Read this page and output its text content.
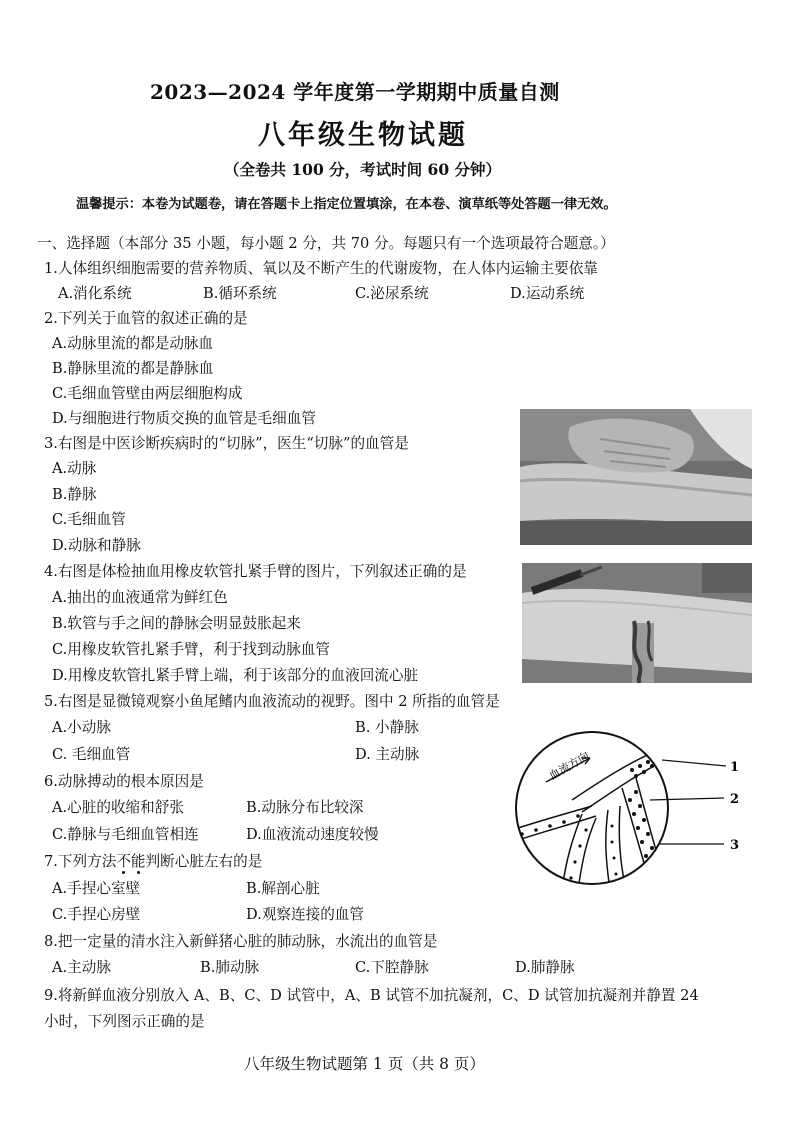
2023—2024 学年度第一学期期中质量自测
八年级生物试题
（全卷共 100 分，考试时间 60 分钟）
温馨提示：本卷为试题卷，请在答题卡上指定位置填涂，在本卷、演草纸等处答题一律无效。
一、选择题（本部分 35 小题，每小题 2 分，共 70 分。每题只有一个选项最符合题意。）
1.人体组织细胞需要的营养物质、氧以及不断产生的代谢废物，在人体内运输主要依靠
A.消化系统	B.循环系统	C.泌尿系统	D.运动系统
2.下列关于血管的叙述正确的是
A.动脉里流的都是动脉血
B.静脉里流的都是静脉血
C.毛细血管壁由两层细胞构成
D.与细胞进行物质交换的血管是毛细血管
3.右图是中医诊断疾病时的“切脉”，医生“切脉”的血管是
A.动脉
B.静脉
C.毛细血管
D.动脉和静脉
4.右图是体检抽血用橡皮软管扎紧手臂的图片，下列叙述正确的是
A.抽出的血液通常为鲜红色
B.软管与手之间的静脉会明显鼓胀起来
C.用橡皮软管扎紧手臂，利于找到动脉血管
D.用橡皮软管扎紧手臂上端，利于该部分的血液回流心脏
5.右图是显微镜观察小鱼尾鳍内血液流动的视野。图中 2 所指的血管是
A.小动脉	B. 小静脉
C. 毛细血管	D. 主动脉	血流方向	1
2
3
6.动脉搏动的根本原因是
A.心脏的收缩和舒张	B.动脉分布比较深
C.静脉与毛细血管相连	D.血液流动速度较慢
7.下列方法不能判断心脏左右的是
A.手捏心室壁	B.解剖心脏
C.手捏心房壁	D.观察连接的血管
8.把一定量的清水注入新鲜猪心脏的肺动脉，水流出的血管是
A.主动脉	B.肺动脉	C.下腔静脉	D.肺静脉
9.将新鲜血液分别放入 A、B、C、D 试管中，A、B 试管不加抗凝剂，C、D 试管加抗凝剂并静置 24
小时，下列图示正确的是
八年级生物试题第 1 页（共 8 页）
